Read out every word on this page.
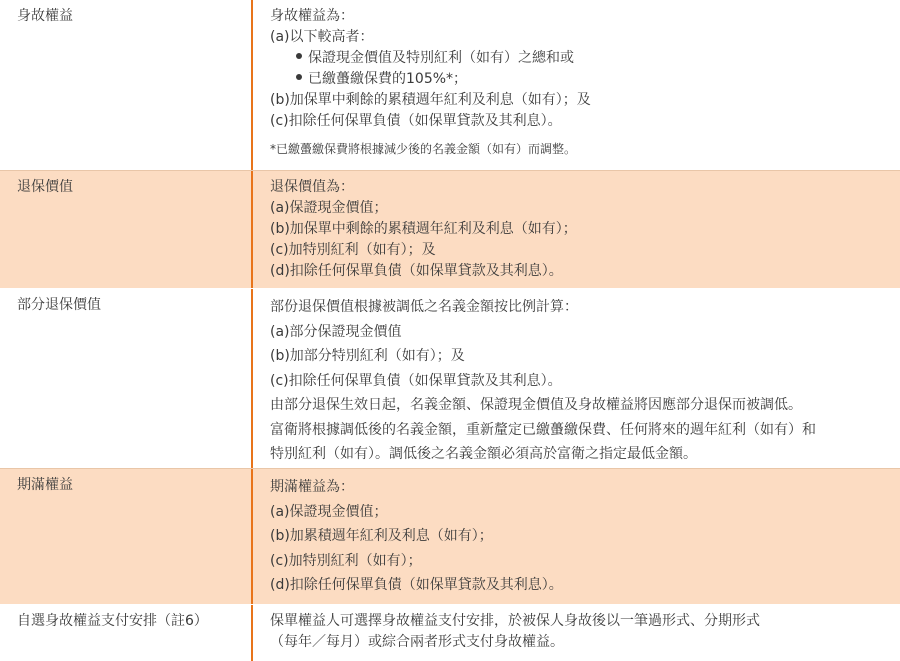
身故權益	身故權益為：
(a)以下較高者：
保證現金價值及特別紅利（如有）之總和或
已繳蠆繳保費的105%*；
(b)加保單中剩餘的累積週年紅利及利息（如有）；及
(c)扣除任何保單負債（如保單貸款及其利息）。
*已繳蠆繳保費將根據減少後的名義金額（如有）而調整。
退保價值	退保價值為：
(a)保證現金價值；
(b)加保單中剩餘的累積週年紅利及利息（如有）；
(c)加特別紅利（如有）；及
(d)扣除任何保單負債（如保單貸款及其利息）。
部分退保價值	部份退保價值根據被調低之名義金額按比例計算：
(a)部分保證現金價值
(b)加部分特別紅利（如有）；及
(c)扣除任何保單負債（如保單貸款及其利息）。
由部分退保生效日起，名義金額、保證現金價值及身故權益將因應部分退保而被調低。
富衛將根據調低後的名義金額，重新釐定已繳蠆繳保費、任何將來的週年紅利（如有）和
特別紅利（如有）。調低後之名義金額必須高於富衛之指定最低金額。
期滿權益	期滿權益為：
(a)保證現金價值；
(b)加累積週年紅利及利息（如有）；
(c)加特別紅利（如有）；
(d)扣除任何保單負債（如保單貸款及其利息）。
自選身故權益支付安排（註6）	保單權益人可選擇身故權益支付安排，於被保人身故後以一筆過形式、分期形式
（每年／每月）或綜合兩者形式支付身故權益。
